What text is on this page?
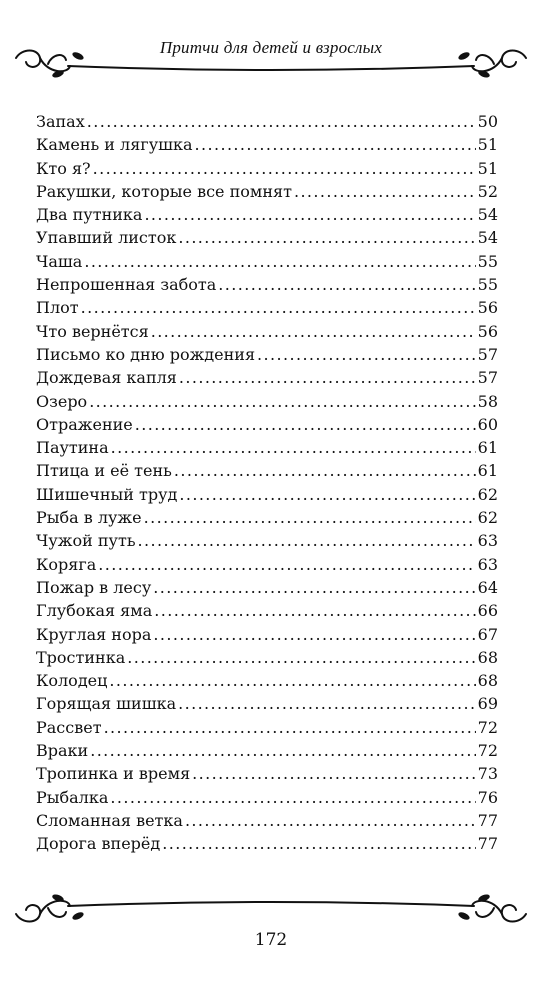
Притчи для детей и взрослых
Запах .....	50
Камень и лягушка .....	51
Кто я? .....	51
Ракушки, которые все помнят .....	52
Два путника .....	54
Упавший листок .....	54
Чаша .....	55
Непрошенная забота .....	55
Плот .....	56
Что вернётся .....	56
Письмо ко дню рождения .....	57
Дождевая капля .....	57
Озеро .....	58
Отражение .....	60
Паутина .....	61
Птица и её тень .....	61
Шишечный труд .....	62
Рыба в луже .....	62
Чужой путь .....	63
Коряга .....	63
Пожар в лесу .....	64
Глубокая яма .....	66
Круглая нора .....	67
Тростинка .....	68
Колодец .....	68
Горящая шишка .....	69
Рассвет .....	72
Враки .....	72
Тропинка и время .....	73
Рыбалка .....	76
Сломанная ветка .....	77
Дорога вперёд .....	77
172
